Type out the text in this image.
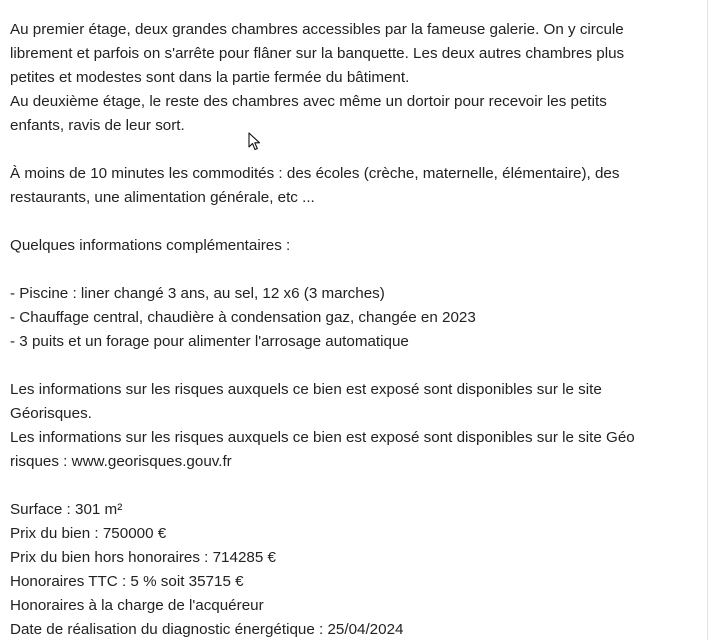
Au premier étage, deux grandes chambres accessibles par la fameuse galerie. On y circule

librement et parfois on s'arrête pour flâner sur la banquette. Les deux autres chambres plus

petites et modestes sont dans la partie fermée du bâtiment.

Au deuxième étage, le reste des chambres avec même un dortoir pour recevoir les petits

enfants, ravis de leur sort.

À moins de 10 minutes les commodités : des écoles (crèche, maternelle, élémentaire), des

restaurants, une alimentation générale, etc ...

Quelques informations complémentaires :

- Piscine : liner changé 3 ans, au sel, 12 x6 (3 marches)

- Chauffage central, chaudière à condensation gaz, changée en 2023

- 3 puits et un forage pour alimenter l'arrosage automatique

Les informations sur les risques auxquels ce bien est exposé sont disponibles sur le site

Géorisques.

Les informations sur les risques auxquels ce bien est exposé sont disponibles sur le site Géo

risques : www.georisques.gouv.fr

Surface : 301 m²

Prix du bien : 750000 €

Prix du bien hors honoraires : 714285 €

Honoraires TTC : 5 % soit 35715 €

Honoraires à la charge de l'acquéreur

Date de réalisation du diagnostic énergétique : 25/04/2024
